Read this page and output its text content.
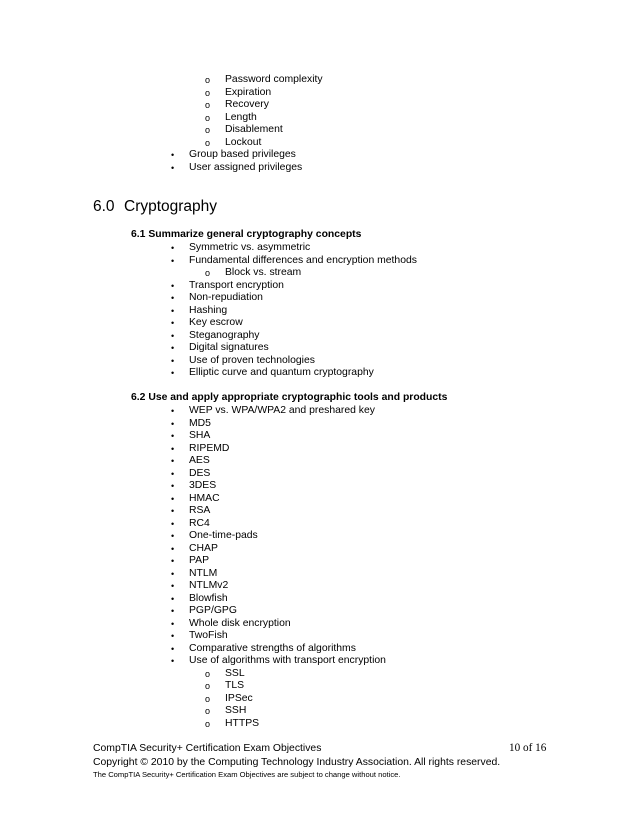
o Password complexity
o Expiration
o Recovery
o Length
o Disablement
o Lockout
• Group based privileges
• User assigned privileges
6.0 Cryptography
6.1 Summarize general cryptography concepts
• Symmetric vs. asymmetric
• Fundamental differences and encryption methods
o Block vs. stream
• Transport encryption
• Non-repudiation
• Hashing
• Key escrow
• Steganography
• Digital signatures
• Use of proven technologies
• Elliptic curve and quantum cryptography
6.2 Use and apply appropriate cryptographic tools and products
• WEP vs. WPA/WPA2 and preshared key
• MD5
• SHA
• RIPEMD
• AES
• DES
• 3DES
• HMAC
• RSA
• RC4
• One-time-pads
• CHAP
• PAP
• NTLM
• NTLMv2
• Blowfish
• PGP/GPG
• Whole disk encryption
• TwoFish
• Comparative strengths of algorithms
• Use of algorithms with transport encryption
o SSL
o TLS
o IPSec
o SSH
o HTTPS
CompTIA Security+ Certification Exam Objectives	10 of 16
Copyright © 2010 by the Computing Technology Industry Association. All rights reserved.
The CompTIA Security+ Certification Exam Objectives are subject to change without notice.
